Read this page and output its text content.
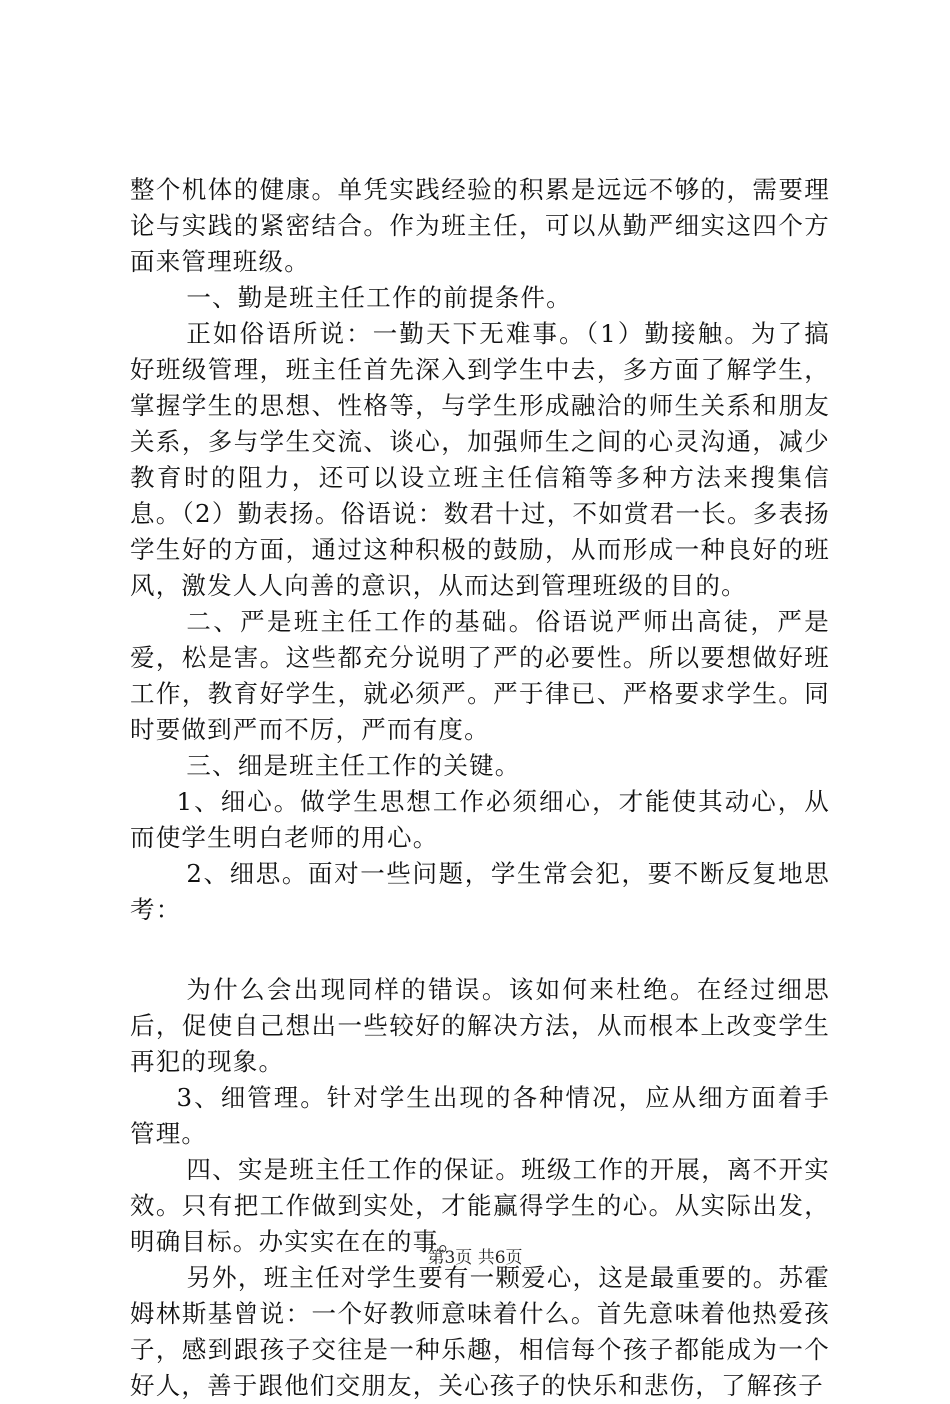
整个机体的健康。单凭实践经验的积累是远远不够的，需要理论与实践的紧密结合。作为班主任，可以从勤严细实这四个方面来管理班级。

一、勤是班主任工作的前提条件。

正如俗语所说：一勤天下无难事。（1）勤接触。为了搞好班级管理，班主任首先深入到学生中去，多方面了解学生，掌握学生的思想、性格等，与学生形成融洽的师生关系和朋友关系，多与学生交流、谈心，加强师生之间的心灵沟通，减少教育时的阻力，还可以设立班主任信箱等多种方法来搜集信息。（2）勤表扬。俗语说：数君十过，不如赏君一长。多表扬学生好的方面，通过这种积极的鼓励，从而形成一种良好的班风，激发人人向善的意识，从而达到管理班级的目的。

二、严是班主任工作的基础。俗语说严师出高徒，严是爱，松是害。这些都充分说明了严的必要性。所以要想做好班工作，教育好学生，就必须严。严于律已、严格要求学生。同时要做到严而不厉，严而有度。

三、细是班主任工作的关键。

1、细心。做学生思想工作必须细心，才能使其动心，从而使学生明白老师的用心。

2、细思。面对一些问题，学生常会犯，要不断反复地思考：

为什么会出现同样的错误。该如何来杜绝。在经过细思后，促使自己想出一些较好的解决方法，从而根本上改变学生再犯的现象。

3、细管理。针对学生出现的各种情况，应从细方面着手管理。

四、实是班主任工作的保证。班级工作的开展，离不开实效。只有把工作做到实处，才能赢得学生的心。从实际出发，明确目标。办实实在在的事。

另外，班主任对学生要有一颗爱心，这是最重要的。苏霍姆林斯基曾说：一个好教师意味着什么。首先意味着他热爱孩子，感到跟孩子交往是一种乐趣，相信每个孩子都能成为一个好人，善于跟他们交朋友，关心孩子的快乐和悲伤，了解孩子

第3页 共6页
